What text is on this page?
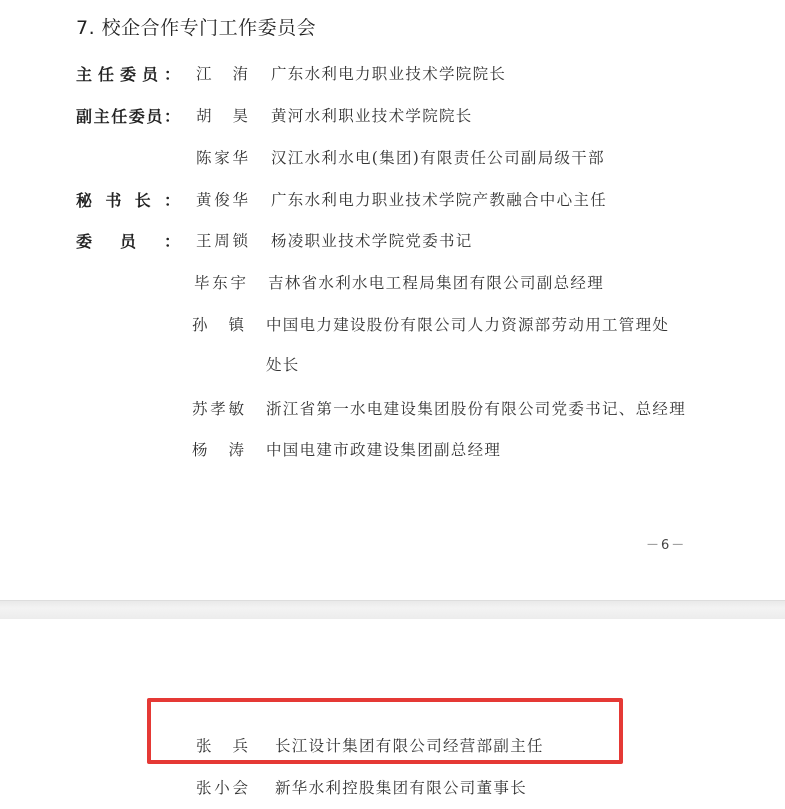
7. 校企合作专门工作委员会
主任委员： 江　洧 广东水利电力职业技术学院院长
副主任委员： 胡　昊 黄河水利职业技术学院院长
陈家华 汉江水利水电(集团)有限责任公司副局级干部
秘书长： 黄俊华 广东水利电力职业技术学院产教融合中心主任
委员： 王周锁 杨凌职业技术学院党委书记
毕东宇 吉林省水利水电工程局集团有限公司副总经理
孙　镇 中国电力建设股份有限公司人力资源部劳动用工管理处
处长
苏孝敏 浙江省第一水电建设集团股份有限公司党委书记、总经理
杨　涛 中国电建市政建设集团副总经理
－6－
张　兵 长江设计集团有限公司经营部副主任
张小会 新华水利控股集团有限公司董事长
